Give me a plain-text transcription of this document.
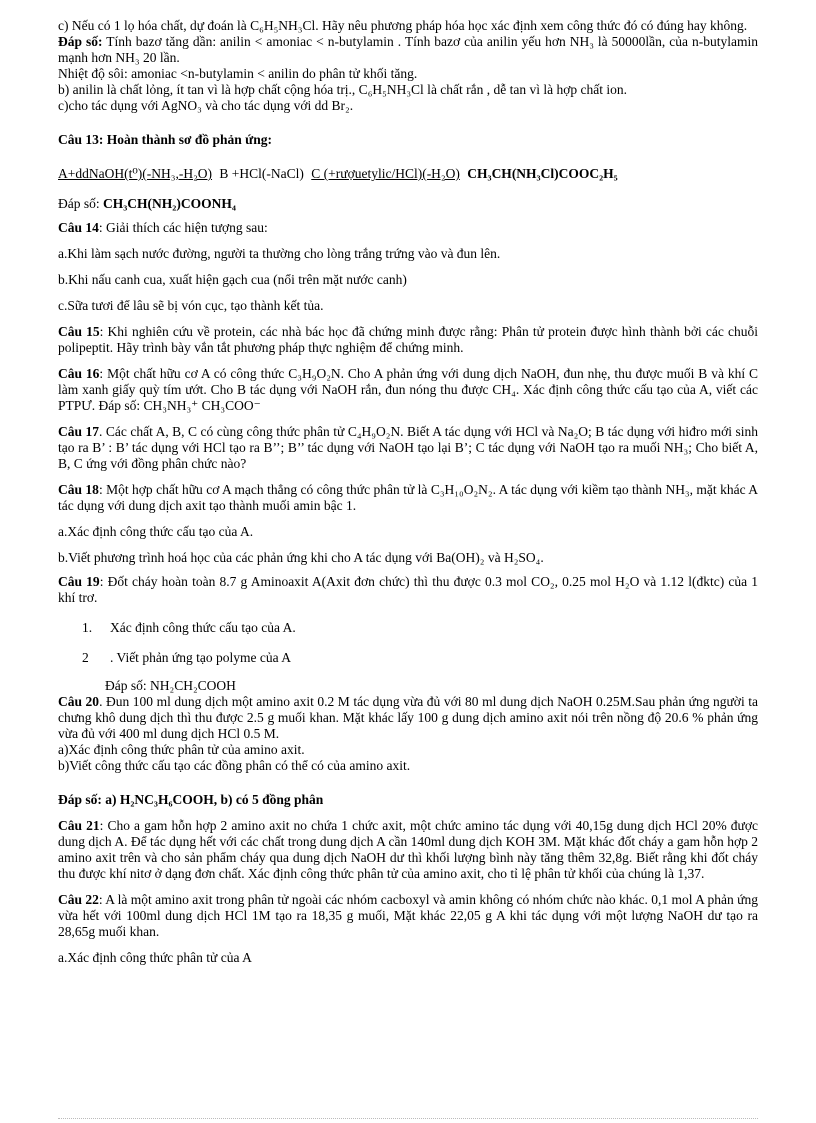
c) Nếu có 1 lọ hóa chất, dự đoán là C₆H₅NH₃Cl. Hãy nêu phương pháp hóa học xác định xem công thức đó có đúng hay không.

Đáp số: Tính bazơ tăng dần: anilin < amoniac < n-butylamin . Tính bazơ của anilin yếu hơn NH₃ là 50000lần, của n-butylamin mạnh hơn NH₃ 20 lần.

Nhiệt độ sôi: amoniac <n-butylamin < anilin do phân tử khối tăng.

b) anilin là chất lỏng, ít tan vì là hợp chất cộng hóa trị., C₆H₅NH₃Cl là chất rắn , dễ tan vì là hợp chất ion.

c)cho tác dụng với AgNO₃ và cho tác dụng với dd Br₂.

Câu 13: Hoàn thành sơ đồ phản ứng:

A+ddNaOH(t⁰)(-NH₃,-H₂O) B +HCl(-NaCl) C (+rượuetylic/HCl)(-H₂O) CH₃CH(NH₃Cl)COOC₂H₅

Đáp số: CH₃CH(NH₂)COONH₄

Câu 14: Giải thích các hiện tượng sau:

a.Khi làm sạch nước đường, người ta thường cho lòng trắng trứng vào và đun lên.

b.Khi nấu canh cua, xuất hiện gạch cua (nổi trên mặt nước canh)

c.Sữa tươi để lâu sẽ bị vón cục, tạo thành kết tủa.

Câu 15: Khi nghiên cứu về protein, các nhà bác học đã chứng minh được rằng: Phân tử protein được hình thành bởi các chuỗi polipeptit. Hãy trình bày vắn tắt phương pháp thực nghiệm để chứng minh.

Câu 16: Một chất hữu cơ A có công thức C₃H₉O₂N. Cho A phản ứng với dung dịch NaOH, đun nhẹ, thu được muối B và khí C làm xanh giấy quỳ tím ướt. Cho B tác dụng với NaOH rắn, đun nóng thu được CH₄. Xác định công thức cấu tạo của A, viết các PTPƯ. Đáp số: CH₃NH₃⁺ CH₃COO⁻

Câu 17. Các chất A, B, C có cùng công thức phân tử C₄H₉O₂N. Biết A tác dụng với HCl và Na₂O; B tác dụng với hiđro mới sinh tạo ra B’ : B’ tác dụng với HCl tạo ra B’’; B’’ tác dụng với NaOH tạo lại B’; C tác dụng với NaOH tạo ra muối NH₃; Cho biết A, B, C ứng với đồng phân chức nào?

Câu 18: Một hợp chất hữu cơ A mạch thẳng có công thức phân tử là C₃H₁₀O₂N₂. A tác dụng với kiềm tạo thành NH₃, mặt khác A tác dụng với dung dịch axit tạo thành muối amin bậc 1.

a.Xác định công thức cấu tạo của A.

b.Viết phương trình hoá học của các phản ứng khi cho A tác dụng với Ba(OH)₂ và H₂SO₄.

Câu 19: Đốt cháy hoàn toàn 8.7 g Aminoaxit A(Axit đơn chức) thì thu được 0.3 mol CO₂, 0.25 mol H₂O và 1.12 l(đktc) của 1 khí trơ.

1. Xác định công thức cấu tạo của A.

2 . Viết phản ứng tạo polyme của A

Đáp số: NH₂CH₂COOH

Câu 20. Đun 100 ml dung dịch một amino axit 0.2 M tác dụng vừa đủ với 80 ml dung dịch NaOH 0.25M.Sau phản ứng người ta chưng khô dung dịch thì thu được 2.5 g muối khan. Mặt khác lấy 100 g dung dịch amino axit nói trên nồng độ 20.6 % phản ứng vừa đủ với 400 ml dung dịch HCl 0.5 M.

a)Xác định công thức phân tử của amino axit.

b)Viết công thức cấu tạo các đồng phân có thể có của amino axit.

Đáp số: a) H₂NC₃H₆COOH, b) có 5 đồng phân

Câu 21: Cho a gam hỗn hợp 2 amino axit no chứa 1 chức axit, một chức amino tác dụng với 40,15g dung dịch HCl 20% được dung dịch A. Để tác dụng hết với các chất trong dung dịch A cần 140ml dung dịch KOH 3M. Mặt khác đốt cháy a gam hỗn hợp 2 amino axit trên và cho sản phẩm cháy qua dung dịch NaOH dư thì khối lượng bình này tăng thêm 32,8g. Biết rằng khi đốt cháy thu được khí nitơ ở dạng đơn chất. Xác định công thức phân tử của amino axit, cho tỉ lệ phân tử khối của chúng là 1,37.

Câu 22: A là một amino axit trong phân tử ngoài các nhóm cacboxyl và amin không có nhóm chức nào khác. 0,1 mol A phản ứng vừa hết với 100ml dung dịch HCl 1M tạo ra 18,35 g muối, Mặt khác 22,05 g A khi tác dụng với một lượng NaOH dư tạo ra 28,65g muối khan.

a.Xác định công thức phân tử của A
